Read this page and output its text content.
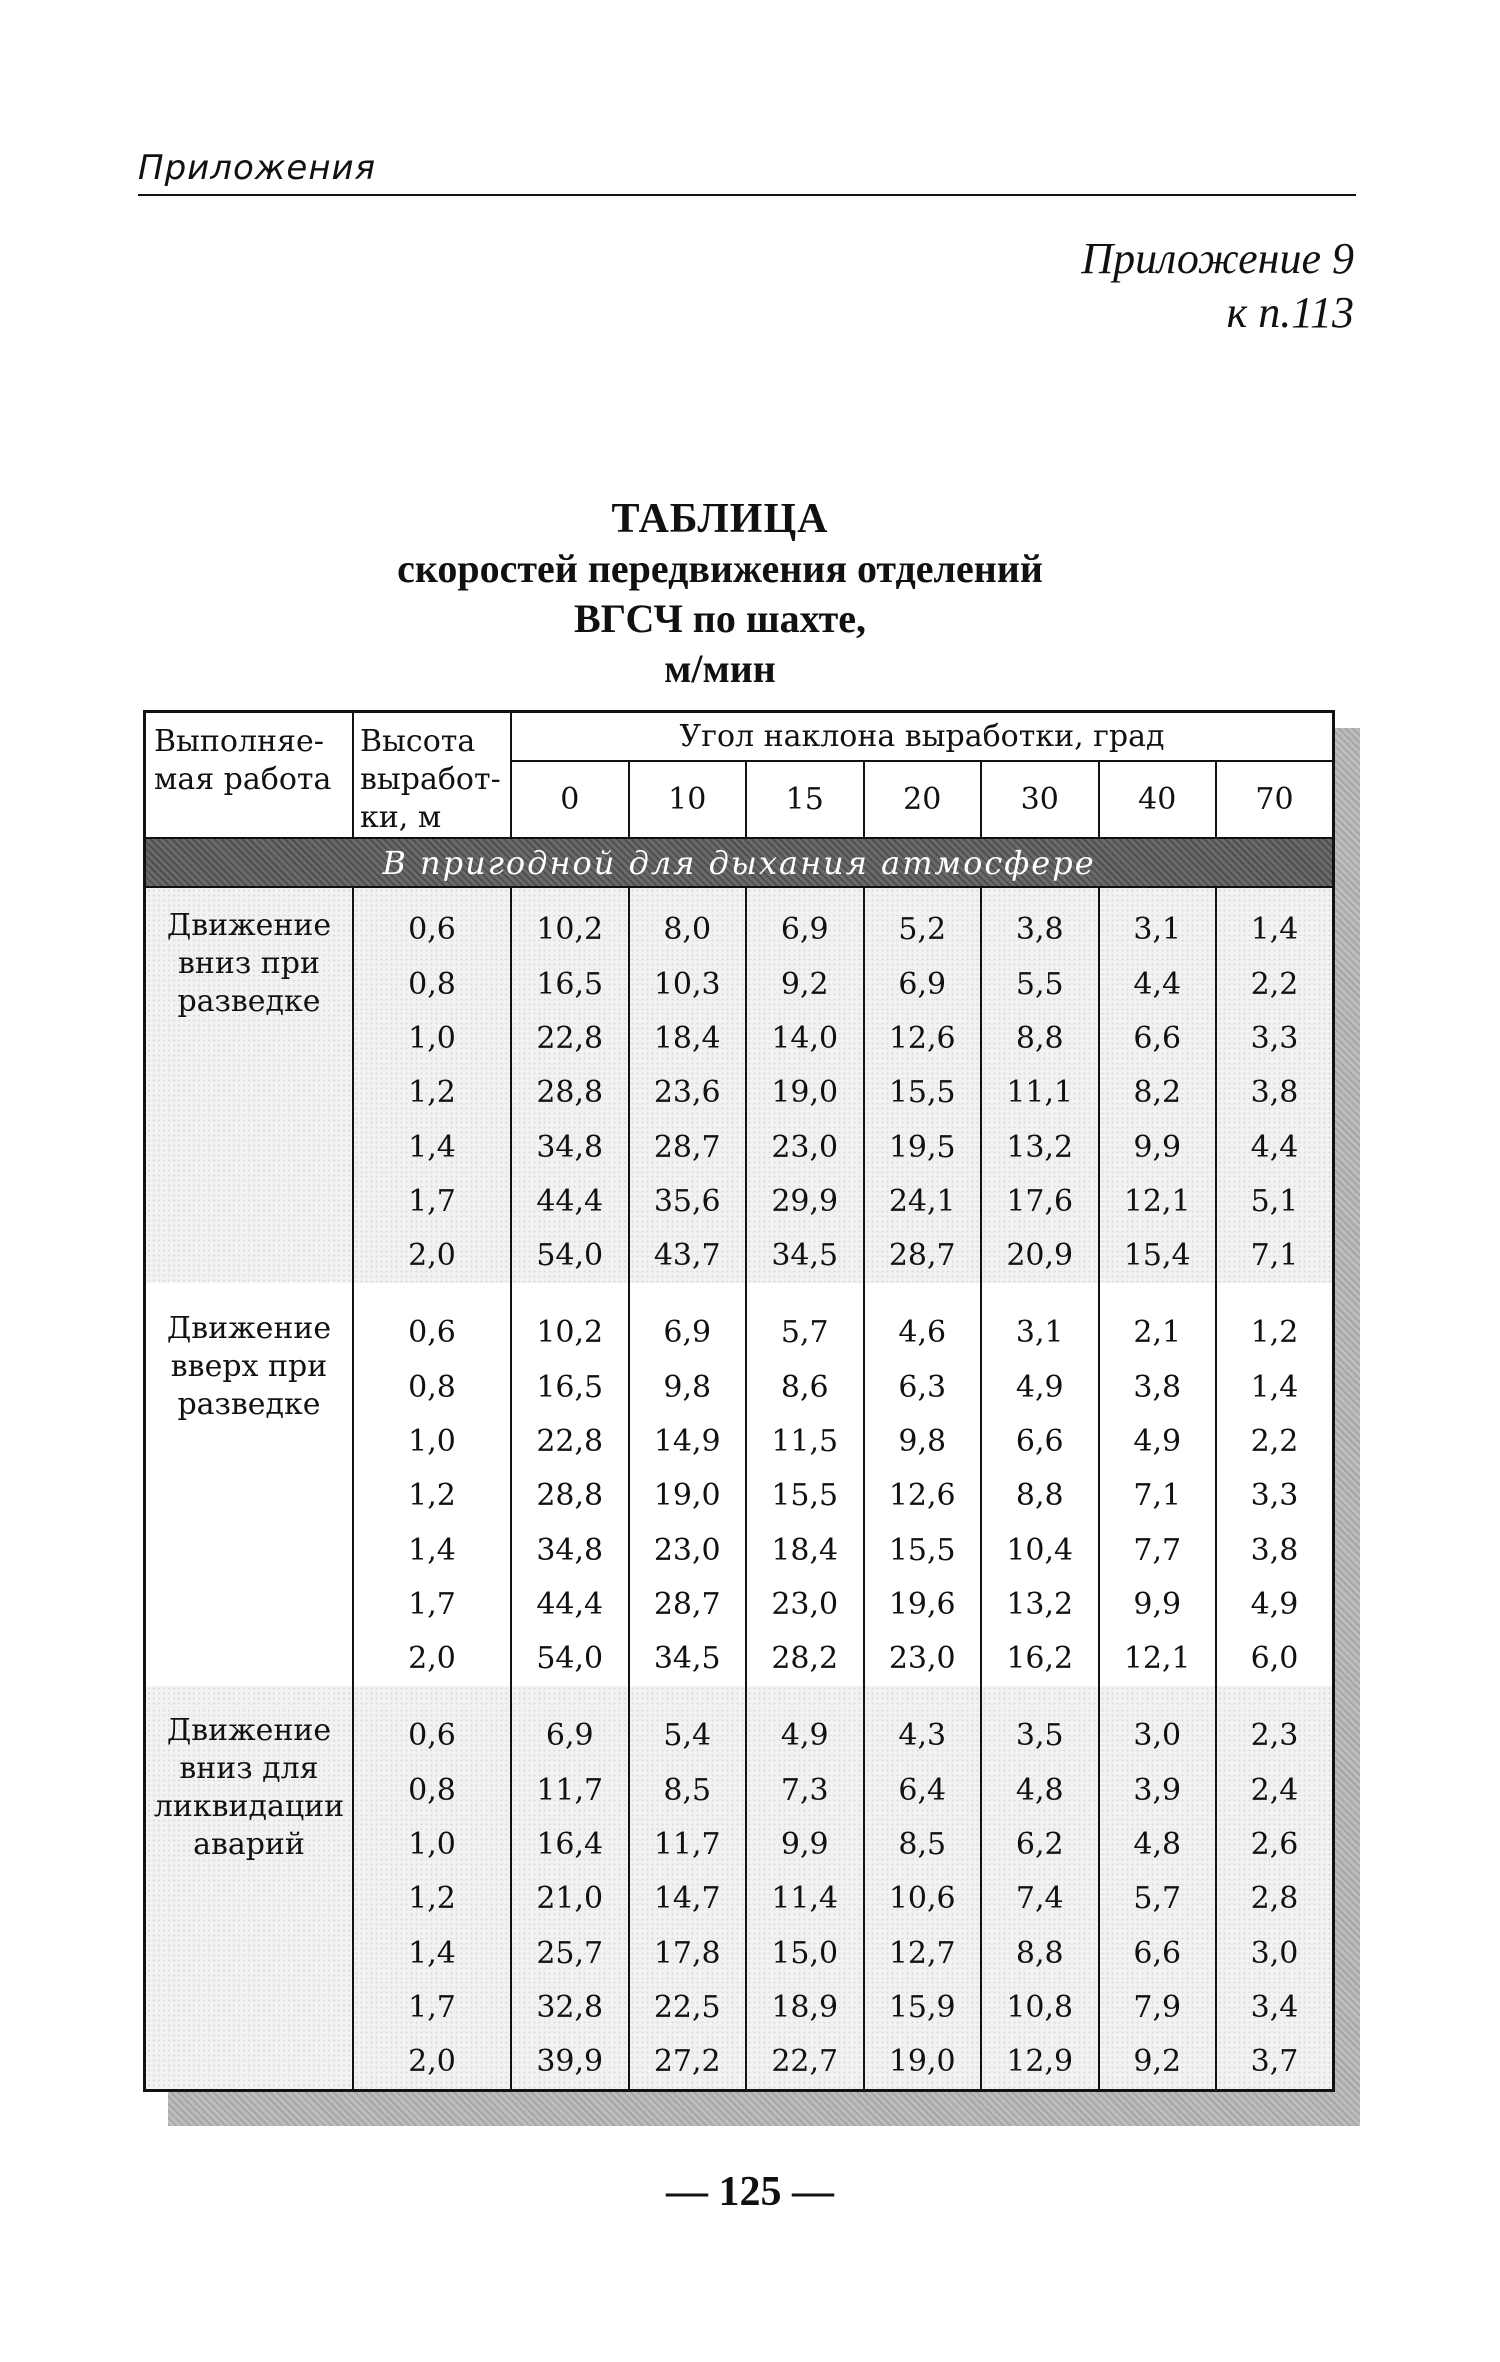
Приложения
Приложение 9
к п.113
ТАБЛИЦА
скоростей передвижения отделений
ВГСЧ по шахте,
м/мин
Выполняе-мая работа	Высота выработ-ки, м	Угол наклона выработки, град						
		0	10	15	20	30	40	70
В пригодной для дыхания атмосфере								

Движение вниз при разведке	0,6	10,2	8,0	6,9	5,2	3,8	3,1	1,4
	0,8	16,5	10,3	9,2	6,9	5,5	4,4	2,2
	1,0	22,8	18,4	14,0	12,6	8,8	6,6	3,3
	1,2	28,8	23,6	19,0	15,5	11,1	8,2	3,8
	1,4	34,8	28,7	23,0	19,5	13,2	9,9	4,4
	1,7	44,4	35,6	29,9	24,1	17,6	12,1	5,1
	2,0	54,0	43,7	34,5	28,7	20,9	15,4	7,1

Движение вверх при разведке	0,6	10,2	6,9	5,7	4,6	3,1	2,1	1,2
	0,8	16,5	9,8	8,6	6,3	4,9	3,8	1,4
	1,0	22,8	14,9	11,5	9,8	6,6	4,9	2,2
	1,2	28,8	19,0	15,5	12,6	8,8	7,1	3,3
	1,4	34,8	23,0	18,4	15,5	10,4	7,7	3,8
	1,7	44,4	28,7	23,0	19,6	13,2	9,9	4,9
	2,0	54,0	34,5	28,2	23,0	16,2	12,1	6,0

Движение вниз для ликвидации аварий	0,6	6,9	5,4	4,9	4,3	3,5	3,0	2,3
	0,8	11,7	8,5	7,3	6,4	4,8	3,9	2,4
	1,0	16,4	11,7	9,9	8,5	6,2	4,8	2,6
	1,2	21,0	14,7	11,4	10,6	7,4	5,7	2,8
	1,4	25,7	17,8	15,0	12,7	8,8	6,6	3,0
	1,7	32,8	22,5	18,9	15,9	10,8	7,9	3,4
	2,0	39,9	27,2	22,7	19,0	12,9	9,2	3,7
— 125 —
